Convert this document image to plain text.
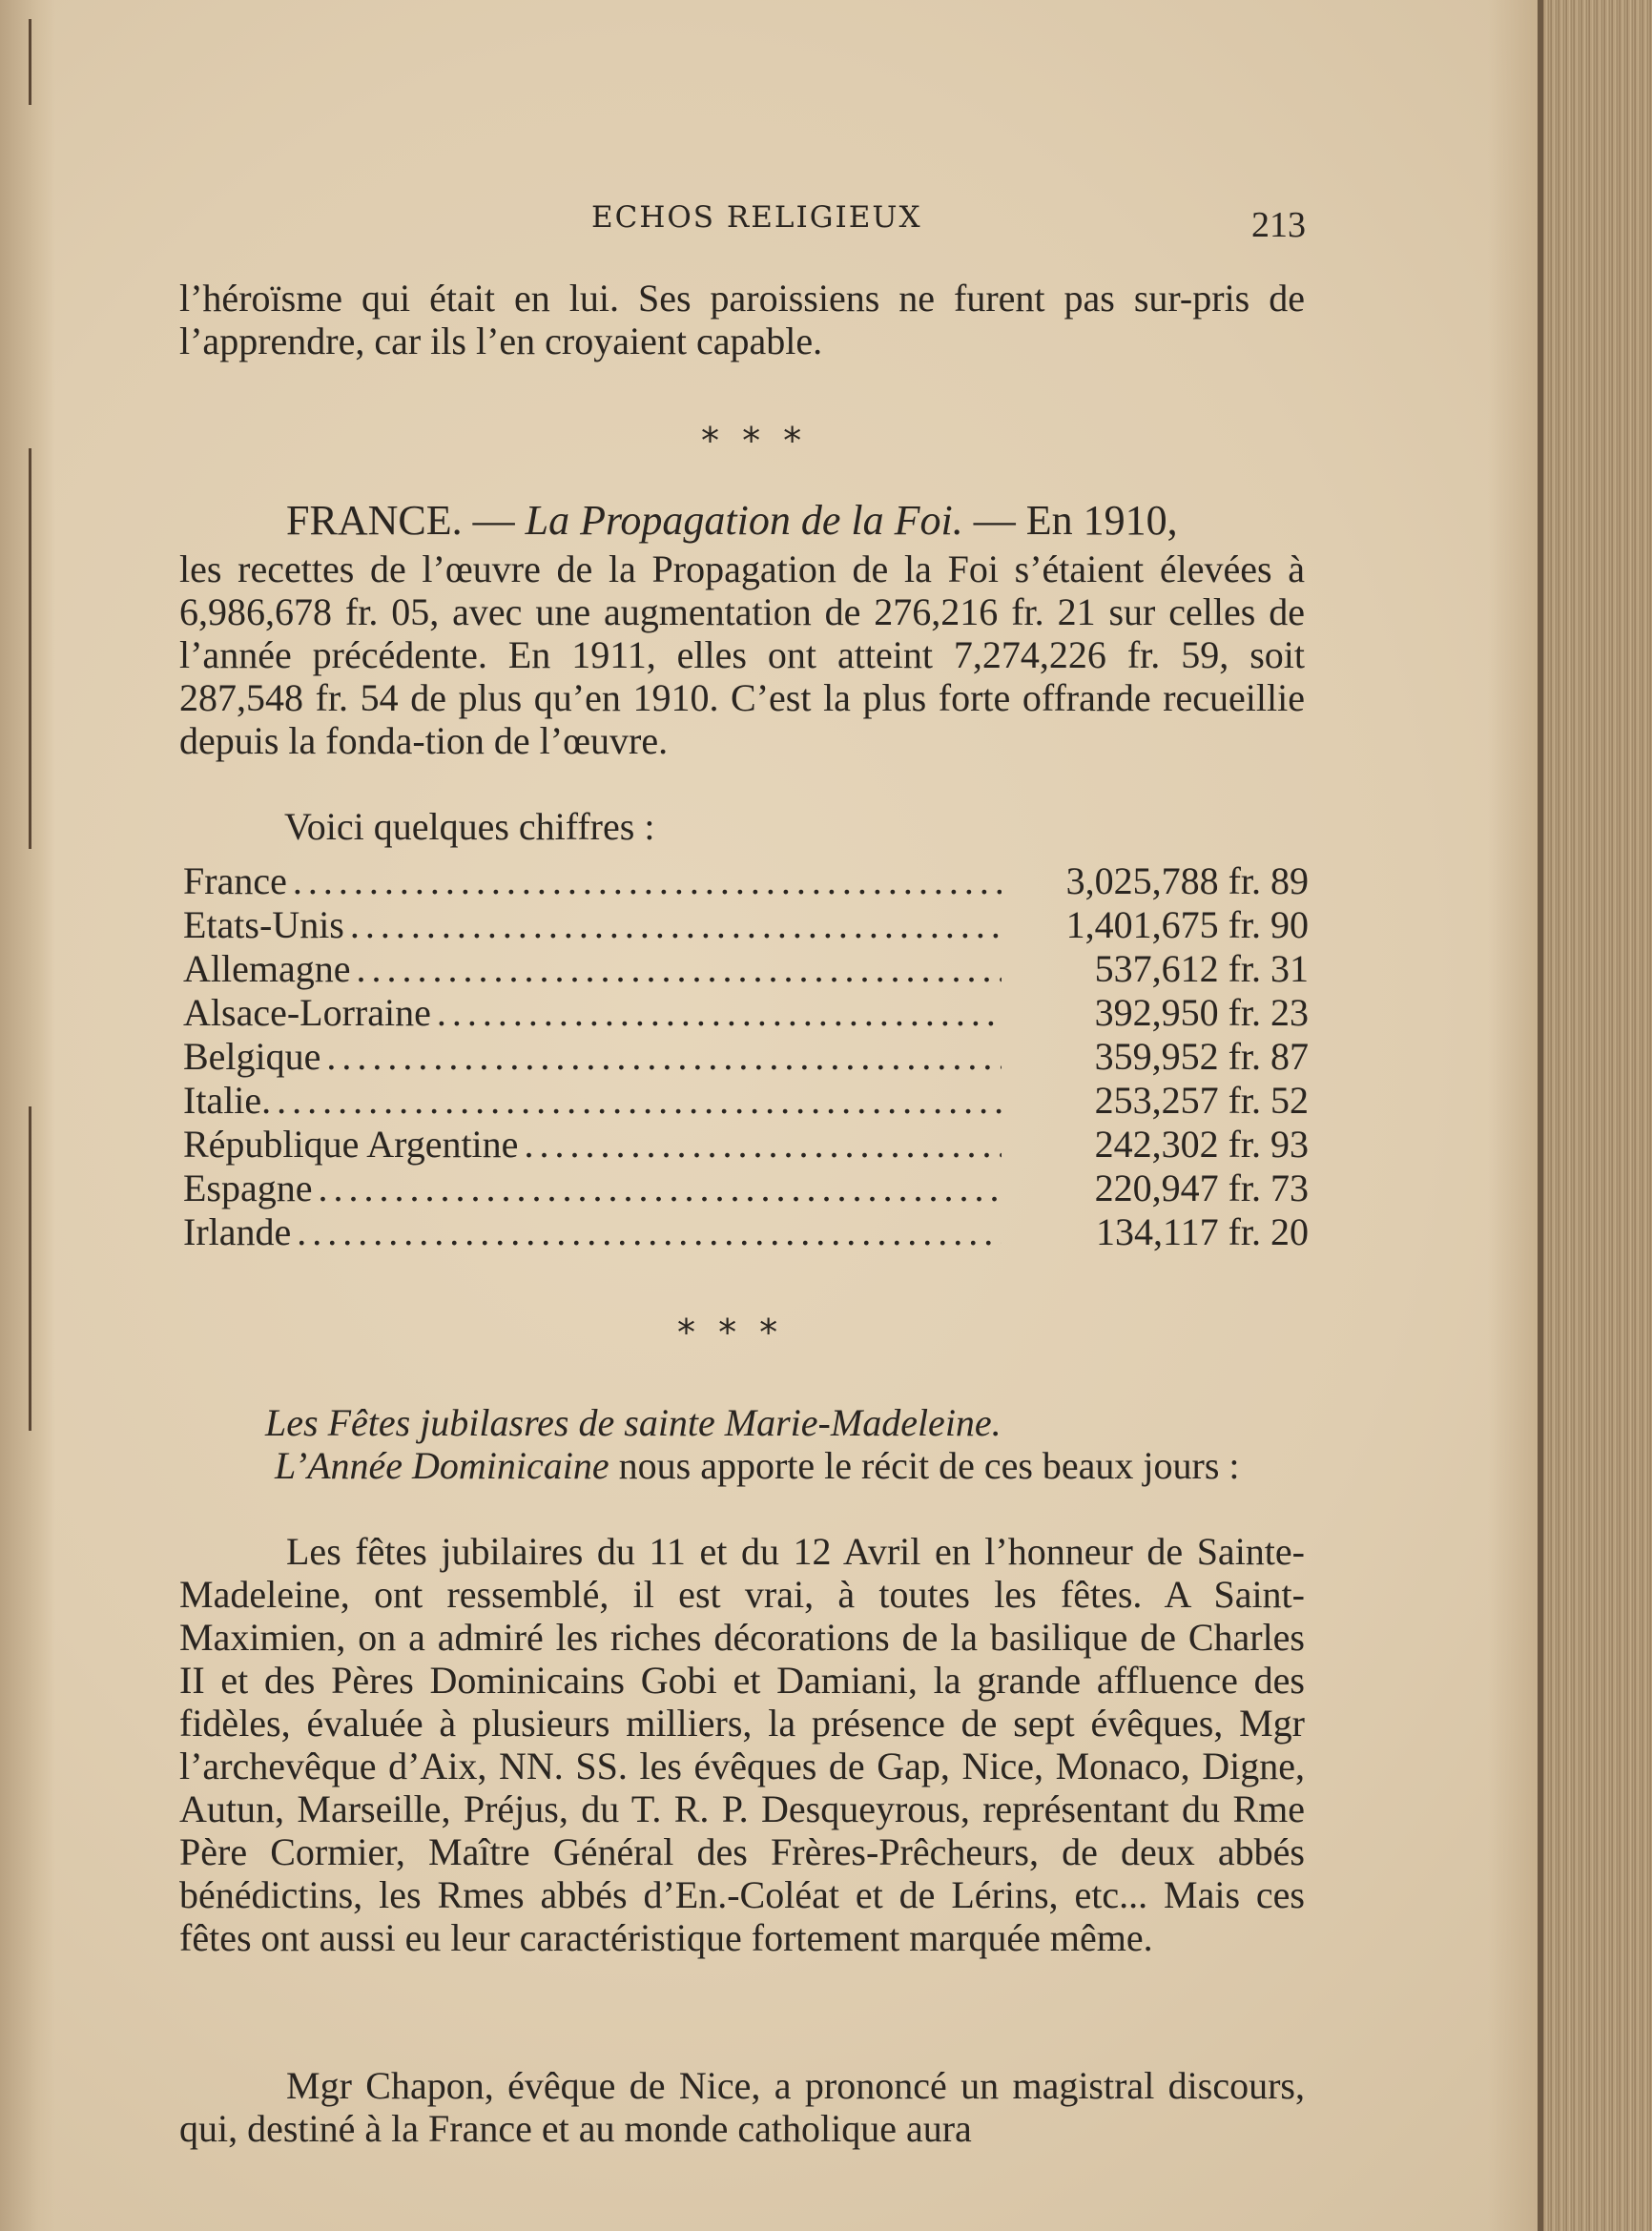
ECHOS RELIGIEUX	213

l’héroïsme qui était en lui. Ses paroissiens ne furent pas sur-pris de l’apprendre, car ils l’en croyaient capable.

* * *
FRANCE. — La Propagation de la Foi. — En 1910,

les recettes de l’œuvre de la Propagation de la Foi s’étaient élevées à 6,986,678 fr. 05, avec une augmentation de 276,216 fr. 21 sur celles de l’année précédente. En 1911, elles ont atteint 7,274,226 fr. 59, soit 287,548 fr. 54 de plus qu’en 1910. C’est la plus forte offrande recueillie depuis la fonda-tion de l’œuvre.

Voici quelques chiffres :

France .....	3,025,788 fr. 89
Etats-Unis .....	1,401,675 fr. 90
Allemagne .....	537,612 fr. 31
Alsace-Lorraine .....	392,950 fr. 23
Belgique .....	359,952 fr. 87
Italie. .....	253,257 fr. 52
République Argentine .....	242,302 fr. 93
Espagne .....	220,947 fr. 73
Irlande .....	134,117 fr. 20
* * *
Les Fêtes jubilasres de sainte Marie-Madeleine.

L’Année Dominicaine nous apporte le récit de ces beaux jours :

Les fêtes jubilaires du 11 et du 12 Avril en l’honneur de Sainte-Madeleine, ont ressemblé, il est vrai, à toutes les fêtes. A Saint-Maximien, on a admiré les riches décorations de la basilique de Charles II et des Pères Dominicains Gobi et Damiani, la grande affluence des fidèles, évaluée à plusieurs milliers, la présence de sept évêques, Mgr l’archevêque d’Aix, NN. SS. les évêques de Gap, Nice, Monaco, Digne, Autun, Marseille, Préjus, du T. R. P. Desqueyrous, représentant du Rme Père Cormier, Maître Général des Frères-Prêcheurs, de deux abbés bénédictins, les Rmes abbés d’En.-Coléat et de Lérins, etc... Mais ces fêtes ont aussi eu leur caractéristique fortement marquée même.

Mgr Chapon, évêque de Nice, a prononcé un magistral discours, qui, destiné à la France et au monde catholique aura
